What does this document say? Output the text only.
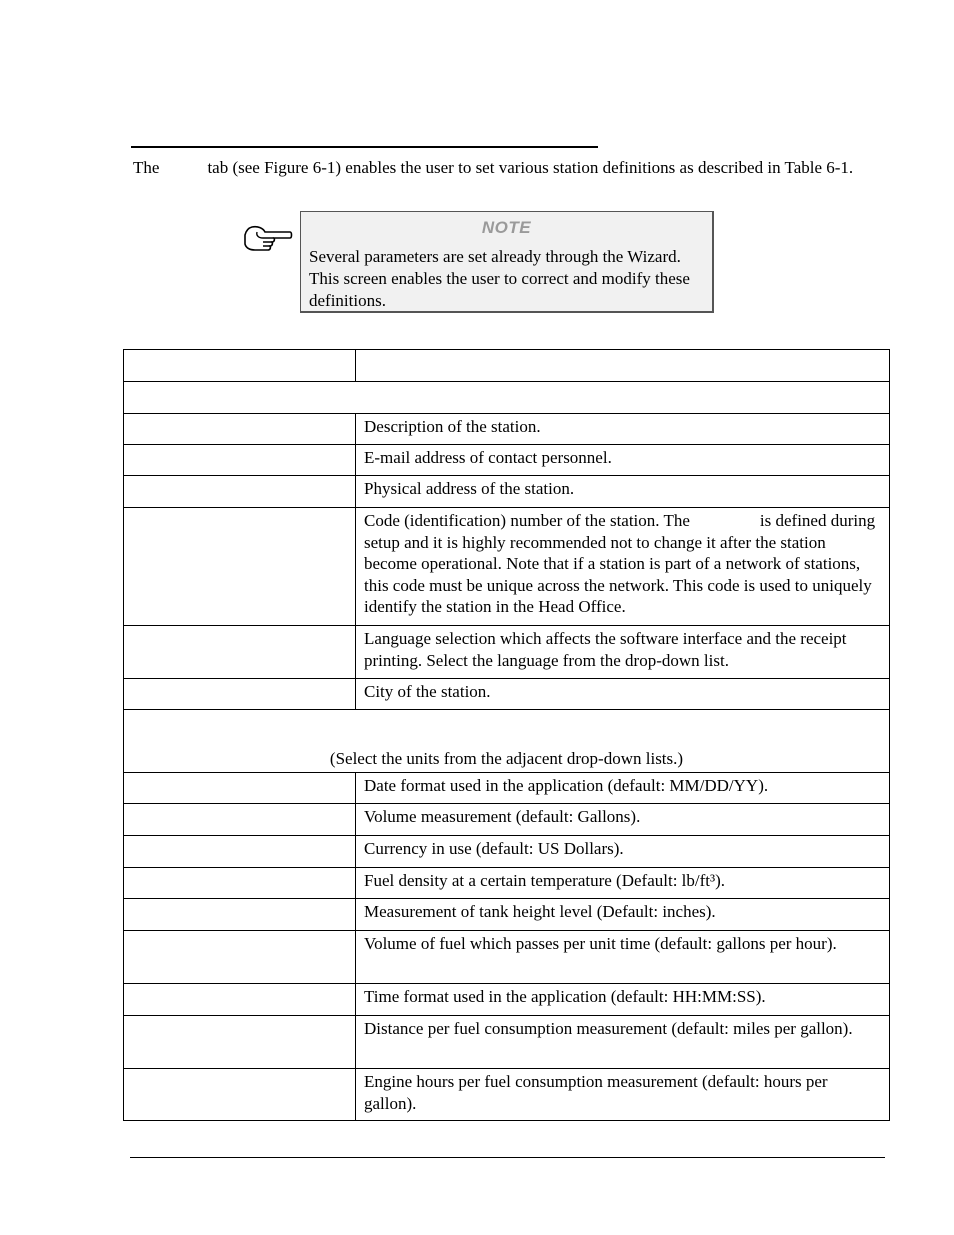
The	tab (see Figure 6-1) enables the user to set various station definitions as described in Table 6-1.
NOTE
Several parameters are set already through the Wizard. This screen enables the user to correct and modify these definitions.

	Description of the station.
	E-mail address of contact personnel.
	Physical address of the station.
	Code (identification) number of the station. The is defined during setup and it is highly recommended not to change it after the station become operational. Note that if a station is part of a network of stations, this code must be unique across the network. This code is used to uniquely identify the station in the Head Office.
	Language selection which affects the software interface and the receipt printing. Select the language from the drop-down list.
	City of the station.
(Select the units from the adjacent drop-down lists.)	
	Date format used in the application (default: MM/DD/YY).
	Volume measurement (default: Gallons).
	Currency in use (default: US Dollars).
	Fuel density at a certain temperature (Default: lb/ft³).
	Measurement of tank height level (Default: inches).
	Volume of fuel which passes per unit time (default: gallons per hour).
	Time format used in the application (default: HH:MM:SS).
	Distance per fuel consumption measurement (default: miles per gallon).
	Engine hours per fuel consumption measurement (default: hours per gallon).
